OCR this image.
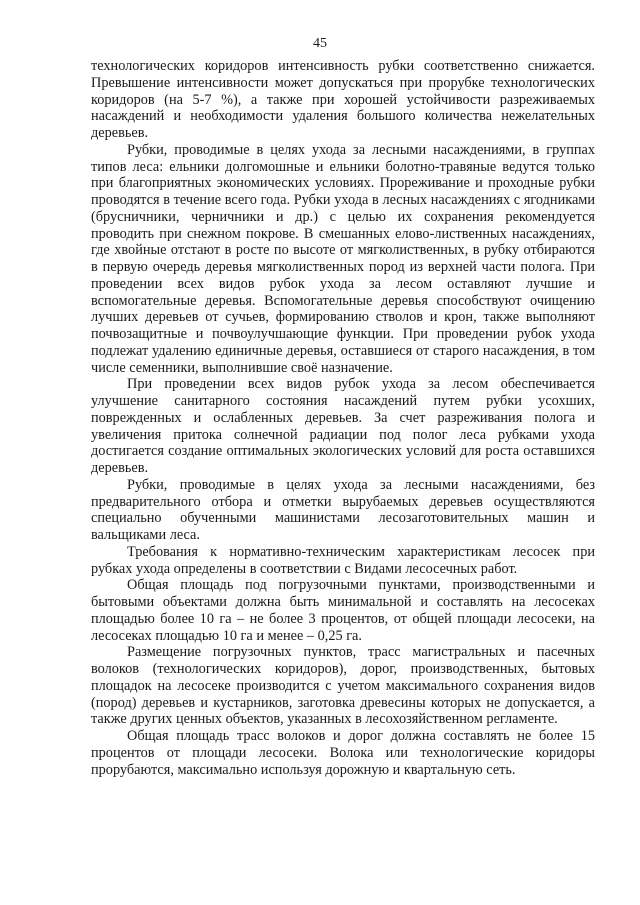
45

технологических коридоров интенсивность рубки соответственно снижается. Превышение интенсивности может допускаться при прорубке технологических коридоров (на 5-7 %), а также при хорошей устойчивости разреживаемых насаждений и необходимости удаления большого количества нежелательных деревьев.

Рубки, проводимые в целях ухода за лесными насаждениями, в группах типов леса: ельники долгомошные и ельники болотно-травяные ведутся только при благоприятных экономических условиях. Прореживание и проходные рубки проводятся в течение всего года. Рубки ухода в лесных насаждениях с ягодниками (брусничники, черничники и др.) с целью их сохранения рекомендуется проводить при снежном покрове. В смешанных елово-лиственных насаждениях, где хвойные отстают в росте по высоте от мягколиственных, в рубку отбираются в первую очередь деревья мягколиственных пород из верхней части полога. При проведении всех видов рубок ухода за лесом оставляют лучшие и вспомогательные деревья. Вспомогательные деревья способствуют очищению лучших деревьев от сучьев, формированию стволов и крон, также выполняют почвозащитные и почвоулучшающие функции. При проведении рубок ухода подлежат удалению единичные деревья, оставшиеся от старого насаждения, в том числе семенники, выполнившие своё назначение.

При проведении всех видов рубок ухода за лесом обеспечивается улучшение санитарного состояния насаждений путем рубки усохших, поврежденных и ослабленных деревьев. За счет разреживания полога и увеличения притока солнечной радиации под полог леса рубками ухода достигается создание оптимальных экологических условий для роста оставшихся деревьев.

Рубки, проводимые в целях ухода за лесными насаждениями, без предварительного отбора и отметки вырубаемых деревьев осуществляются специально обученными машинистами лесозаготовительных машин и вальщиками леса.

Требования к нормативно-техническим характеристикам лесосек при рубках ухода определены в соответствии с Видами лесосечных работ.

Общая площадь под погрузочными пунктами, производственными и бытовыми объектами должна быть минимальной и составлять на лесосеках площадью более 10 га – не более 3 процентов, от общей площади лесосеки, на лесосеках площадью 10 га и менее – 0,25 га.

Размещение погрузочных пунктов, трасс магистральных и пасечных волоков (технологических коридоров), дорог, производственных, бытовых площадок на лесосеке производится с учетом максимального сохранения видов (пород) деревьев и кустарников, заготовка древесины которых не допускается, а также других ценных объектов, указанных в лесохозяйственном регламенте.

Общая площадь трасс волоков и дорог должна составлять не более 15 процентов от площади лесосеки. Волока или технологические коридоры прорубаются, максимально используя дорожную и квартальную сеть.
